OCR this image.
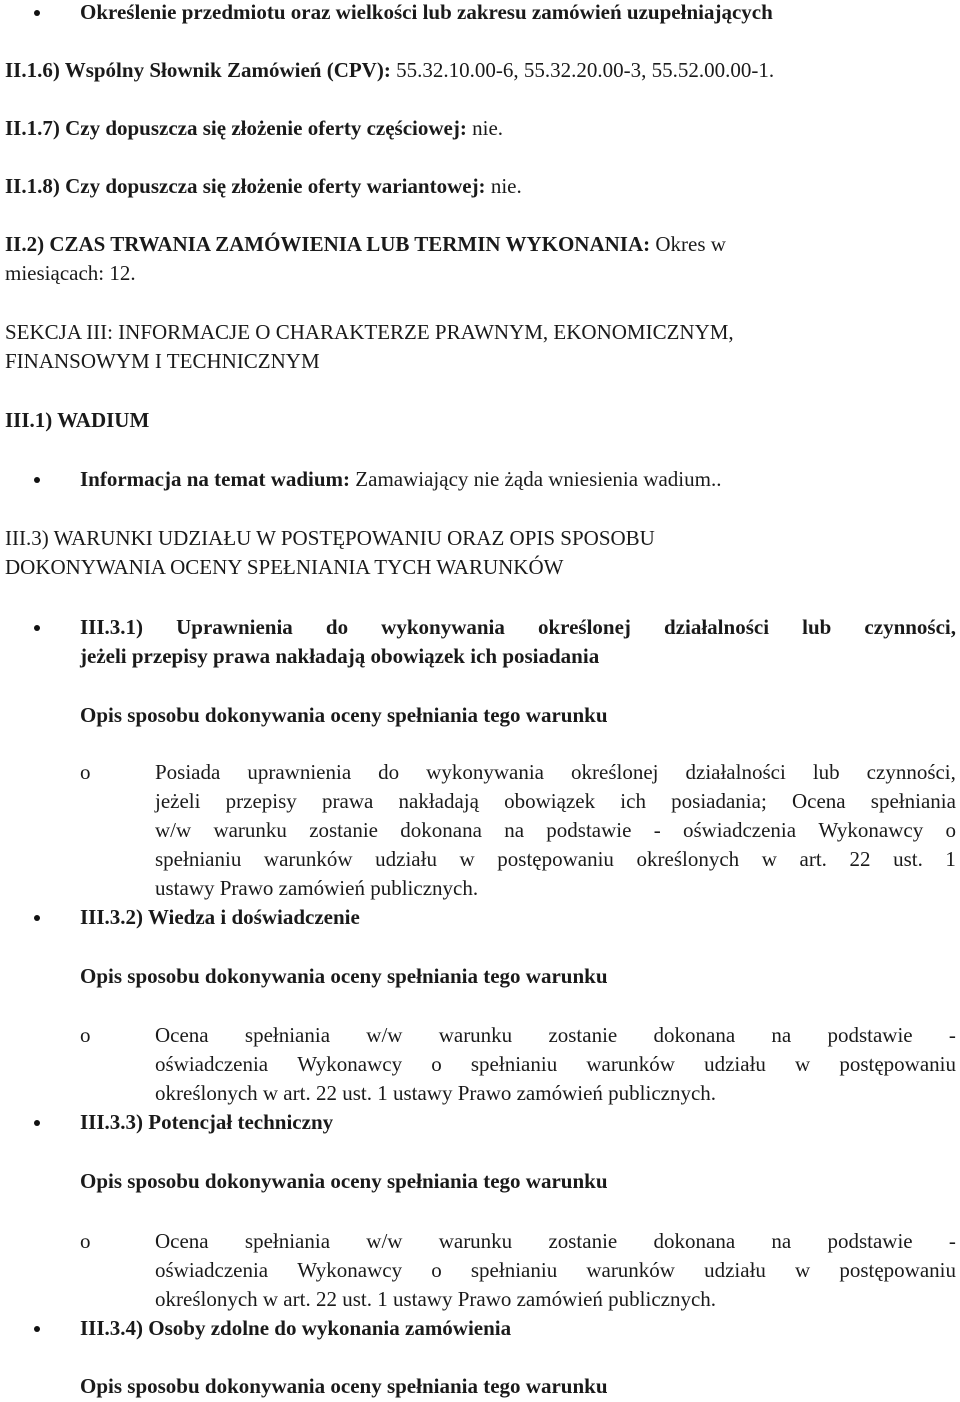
Określenie przedmiotu oraz wielkości lub zakresu zamówień uzupełniających
II.1.6) Wspólny Słownik Zamówień (CPV): 55.32.10.00-6, 55.32.20.00-3, 55.52.00.00-1.
II.1.7) Czy dopuszcza się złożenie oferty częściowej: nie.
II.1.8) Czy dopuszcza się złożenie oferty wariantowej: nie.
II.2) CZAS TRWANIA ZAMÓWIENIA LUB TERMIN WYKONANIA: Okres w
miesiącach: 12.
SEKCJA III: INFORMACJE O CHARAKTERZE PRAWNYM, EKONOMICZNYM,
FINANSOWYM I TECHNICZNYM
III.1) WADIUM
Informacja na temat wadium: Zamawiający nie żąda wniesienia wadium..
III.3) WARUNKI UDZIAŁU W POSTĘPOWANIU ORAZ OPIS SPOSOBU
DOKONYWANIA OCENY SPEŁNIANIA TYCH WARUNKÓW
III.3.1) Uprawnienia do wykonywania określonej działalności lub czynności,
jeżeli przepisy prawa nakładają obowiązek ich posiadania
Opis sposobu dokonywania oceny spełniania tego warunku
o	Posiada uprawnienia do wykonywania określonej działalności lub czynności,
jeżeli przepisy prawa nakładają obowiązek ich posiadania; Ocena spełniania
w/w warunku zostanie dokonana na podstawie - oświadczenia Wykonawcy o
spełnianiu warunków udziału w postępowaniu określonych w art. 22 ust. 1
ustawy Prawo zamówień publicznych.
III.3.2) Wiedza i doświadczenie
Opis sposobu dokonywania oceny spełniania tego warunku
o	Ocena spełniania w/w warunku zostanie dokonana na podstawie -
oświadczenia Wykonawcy o spełnianiu warunków udziału w postępowaniu
określonych w art. 22 ust. 1 ustawy Prawo zamówień publicznych.
III.3.3) Potencjał techniczny
Opis sposobu dokonywania oceny spełniania tego warunku
o	Ocena spełniania w/w warunku zostanie dokonana na podstawie -
oświadczenia Wykonawcy o spełnianiu warunków udziału w postępowaniu
określonych w art. 22 ust. 1 ustawy Prawo zamówień publicznych.
III.3.4) Osoby zdolne do wykonania zamówienia
Opis sposobu dokonywania oceny spełniania tego warunku
